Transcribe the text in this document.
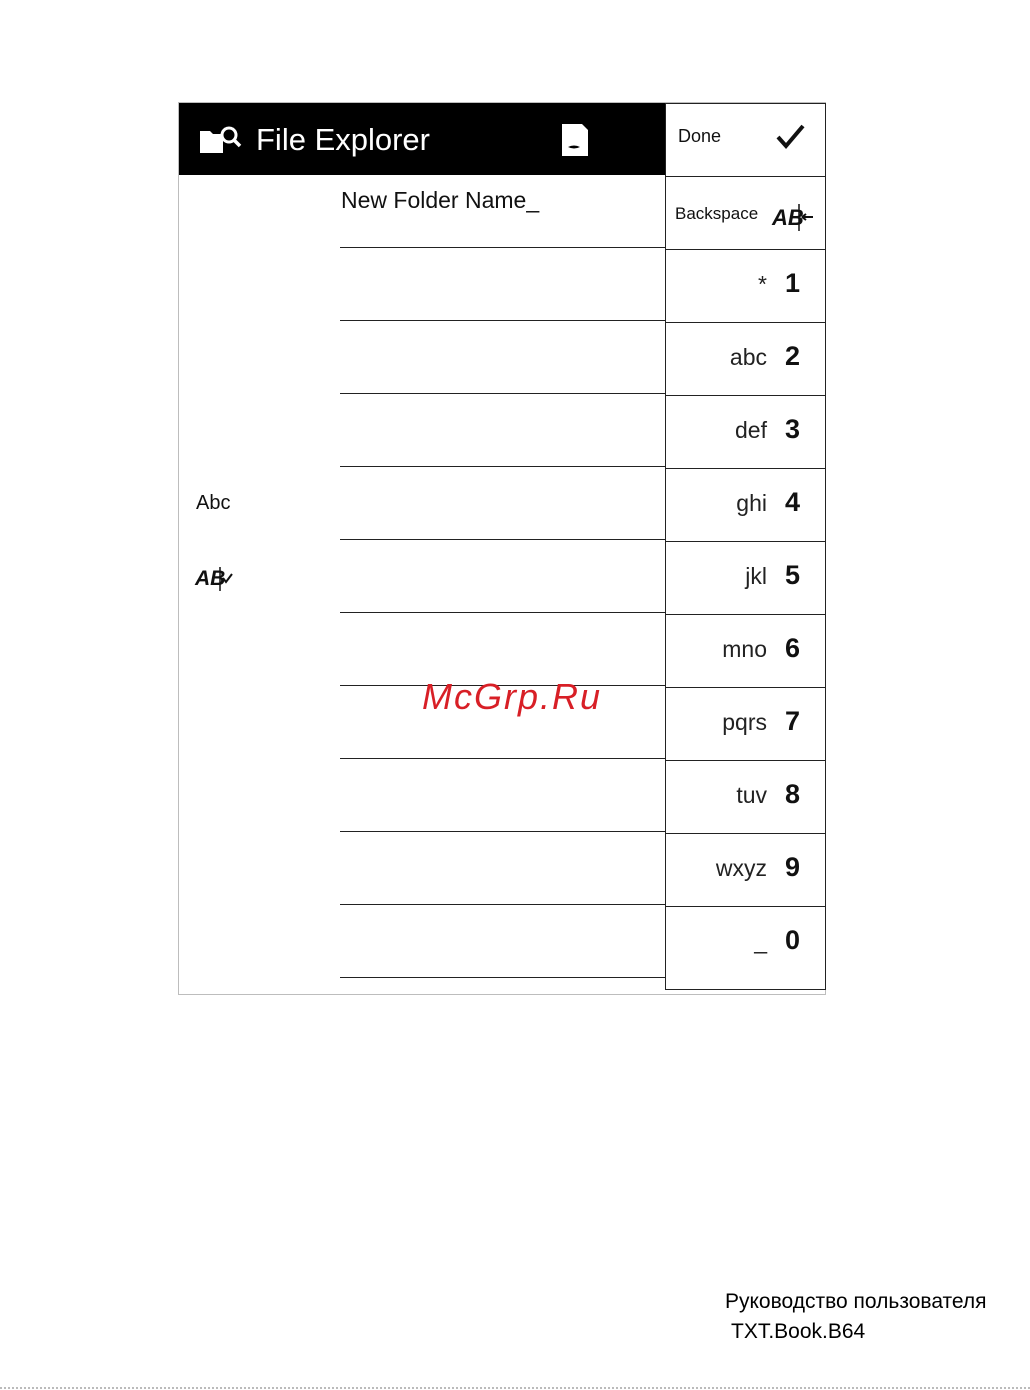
File Explorer
New Folder Name_
Abc
AB
Done
Backspace AB
* 1
abc 2
def 3
ghi 4
jkl 5
mno 6
pqrs 7
tuv 8
wxyz 9
_ 0
McGrp.Ru
Руководство пользователя
TXT.Book.B64
